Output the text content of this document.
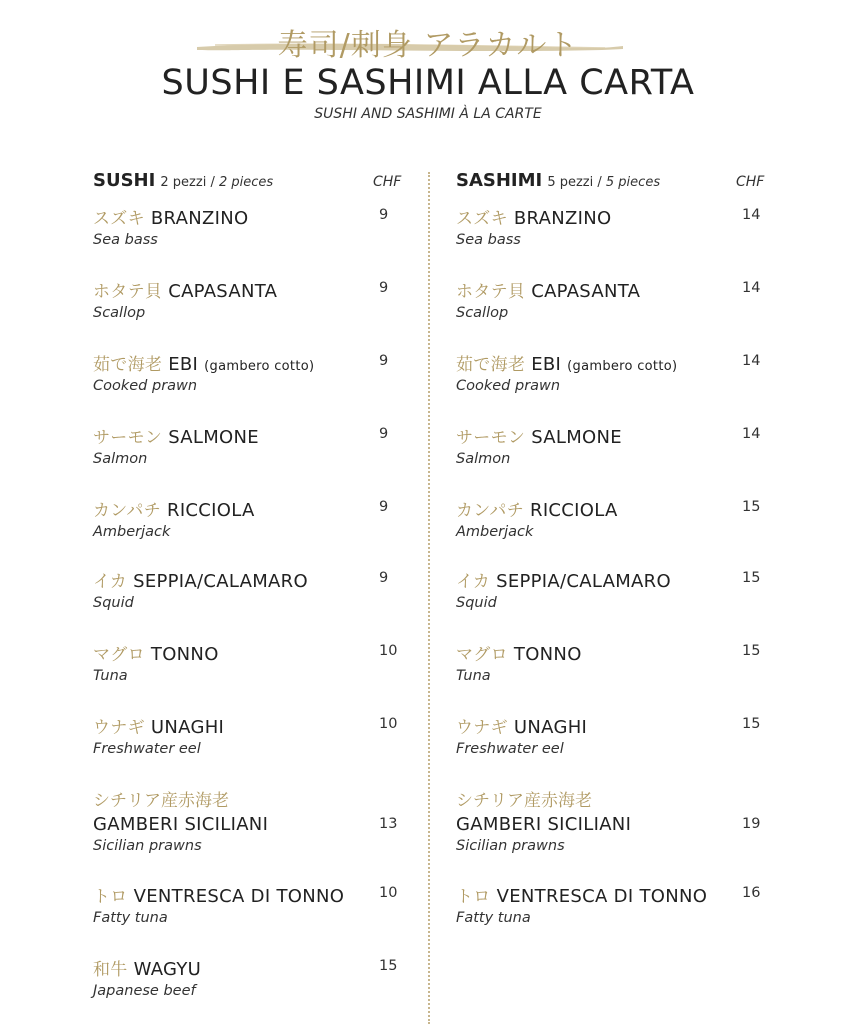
寿司/刺身 アラカルト
SUSHI E SASHIMI ALLA CARTA
SUSHI AND SASHIMI À LA CARTE
SUSHI 2 pezzi / 2 pieces	CHF
スズキ BRANZINO
Sea bass
9
ホタテ貝 CAPASANTA
Scallop
9
茹で海老 EBI (gambero cotto)
Cooked prawn
9
サーモン SALMONE
Salmon
9
カンパチ RICCIOLA
Amberjack
9
イカ SEPPIA/CALAMARO
Squid
9
マグロ TONNO
Tuna
10
ウナギ UNAGHI
Freshwater eel
10
シチリア産赤海老
GAMBERI SICILIANI
Sicilian prawns
13
トロ VENTRESCA DI TONNO
Fatty tuna
10
和牛 WAGYU
Japanese beef
15
SASHIMI 5 pezzi / 5 pieces	CHF
スズキ BRANZINO
Sea bass
14
ホタテ貝 CAPASANTA
Scallop
14
茹で海老 EBI (gambero cotto)
Cooked prawn
14
サーモン SALMONE
Salmon
14
カンパチ RICCIOLA
Amberjack
15
イカ SEPPIA/CALAMARO
Squid
15
マグロ TONNO
Tuna
15
ウナギ UNAGHI
Freshwater eel
15
シチリア産赤海老
GAMBERI SICILIANI
Sicilian prawns
19
トロ VENTRESCA DI TONNO
Fatty tuna
16
